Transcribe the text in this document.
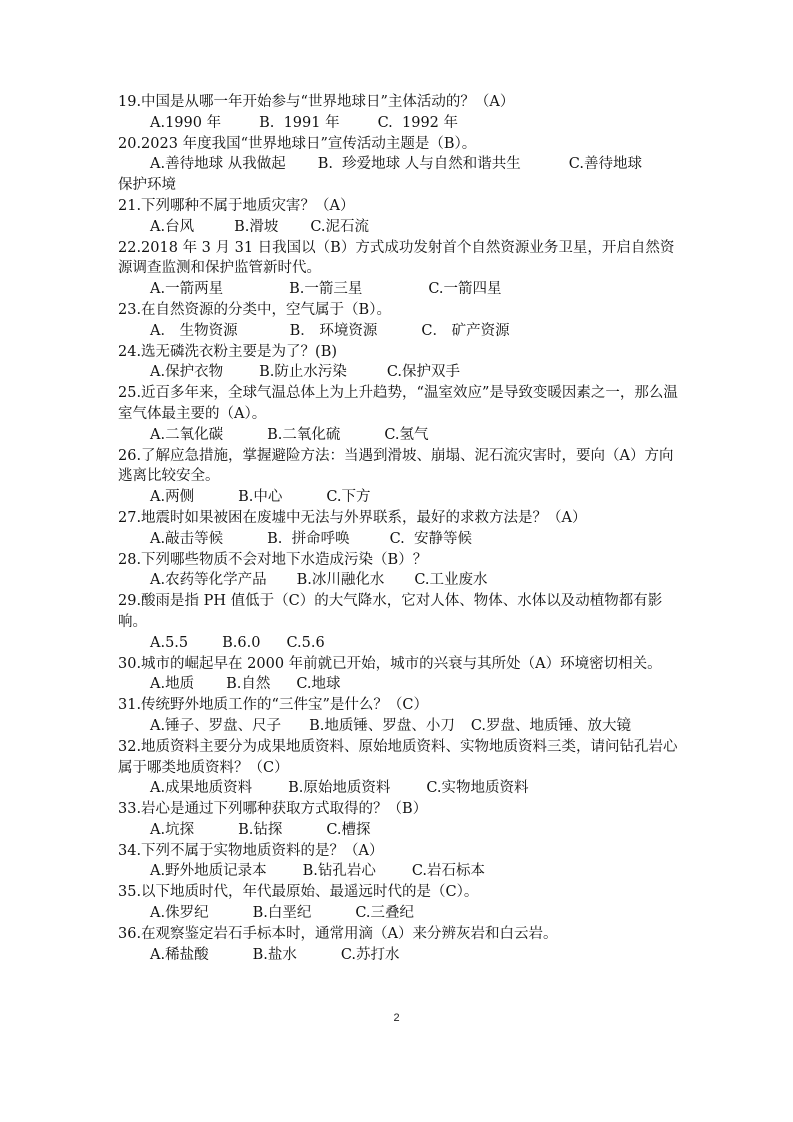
19.中国是从哪一年开始参与“世界地球日”主体活动的？（A）

A.1990 年	B.  1991 年	C.  1992 年

20.2023 年度我国“世界地球日”宣传活动主题是（B）。

A.善待地球 从我做起 B.  珍爱地球 人与自然和谐共生	C.善待地球

保护环境

21.下列哪种不属于地质灾害？（A）

A.台风	B.滑坡 C.泥石流

22.2018 年 3 月 31 日我国以（B）方式成功发射首个自然资源业务卫星，开启自然资源调查监测和保护监管新时代。

A.一箭两星	B.一箭三星	C.一箭四星

23.在自然资源的分类中，空气属于（B）。

A． 生物资源	B． 环境资源	C． 矿产资源

24.选无磷洗衣粉主要是为了？(B)

A.保护衣物 B.防止水污染	C.保护双手

25.近百多年来，全球气温总体上为上升趋势，“温室效应”是导致变暖因素之一，那么温室气体最主要的（A）。

A.二氧化碳	B.二氧化硫	C.氢气

26.了解应急措施，掌握避险方法：当遇到滑坡、崩塌、泥石流灾害时，要向（A）方向逃离比较安全。

A.两侧	B.中心	C.下方

27.地震时如果被困在废墟中无法与外界联系，最好的求救方法是？（A）

A.敲击等候	B.  拼命呼唤	C.  安静等候

28.下列哪些物质不会对地下水造成污染（B）？

A.农药等化学产品 B.冰川融化水 C.工业废水

29.酸雨是指 PH 值低于（C）的大气降水，它对人体、物体、水体以及动植物都有影响。

A.5.5 B.6.0 C.5.6

30.城市的崛起早在 2000 年前就已开始，城市的兴衰与其所处（A）环境密切相关。

A.地质 B.自然 C.地球

31.传统野外地质工作的“三件宝”是什么？（C）

A.锤子、罗盘、尺子 B.地质锤、罗盘、小刀 C.罗盘、地质锤、放大镜

32.地质资料主要分为成果地质资料、原始地质资料、实物地质资料三类，请问钻孔岩心属于哪类地质资料？（C）

A.成果地质资料 B.原始地质资料 C.实物地质资料

33.岩心是通过下列哪种获取方式取得的？（B）

A.坑探	B.钻探	C.槽探

34.下列不属于实物地质资料的是？（A）

A.野外地质记录本 B.钻孔岩心 C.岩石标本

35.以下地质时代，年代最原始、最遥远时代的是（C）。

A.侏罗纪	B.白垩纪	C.三叠纪

36.在观察鉴定岩石手标本时，通常用滴（A）来分辨灰岩和白云岩。

A.稀盐酸	B.盐水	C.苏打水
2
